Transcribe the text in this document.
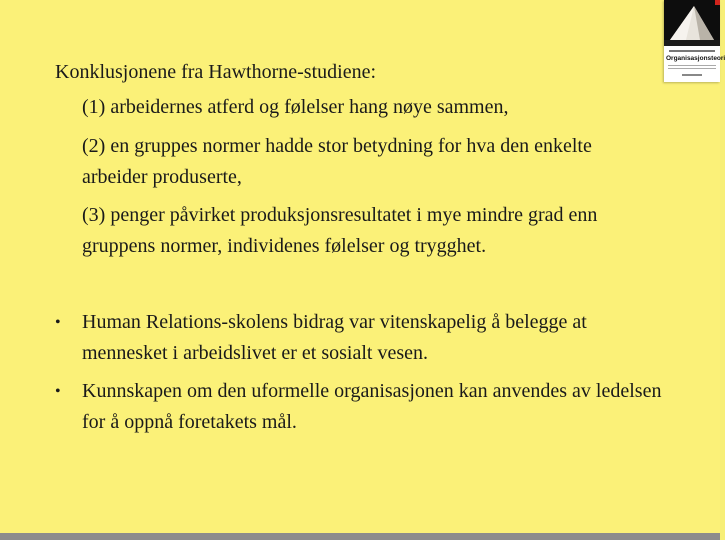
Organisasjonsteori
Konklusjonene fra Hawthorne-studiene:
(1) arbeidernes atferd og følelser hang nøye sammen,
(2) en gruppes normer hadde stor betydning for hva den enkelte arbeider produserte,
(3) penger påvirket produksjonsresultatet i mye mindre grad enn gruppens normer, individenes følelser og trygghet.
•	Human Relations-skolens bidrag var vitenskapelig å belegge at mennesket i arbeidslivet er et sosialt vesen.
•	Kunnskapen om den uformelle organisasjonen kan anvendes av ledelsen for å oppnå foretakets mål.
